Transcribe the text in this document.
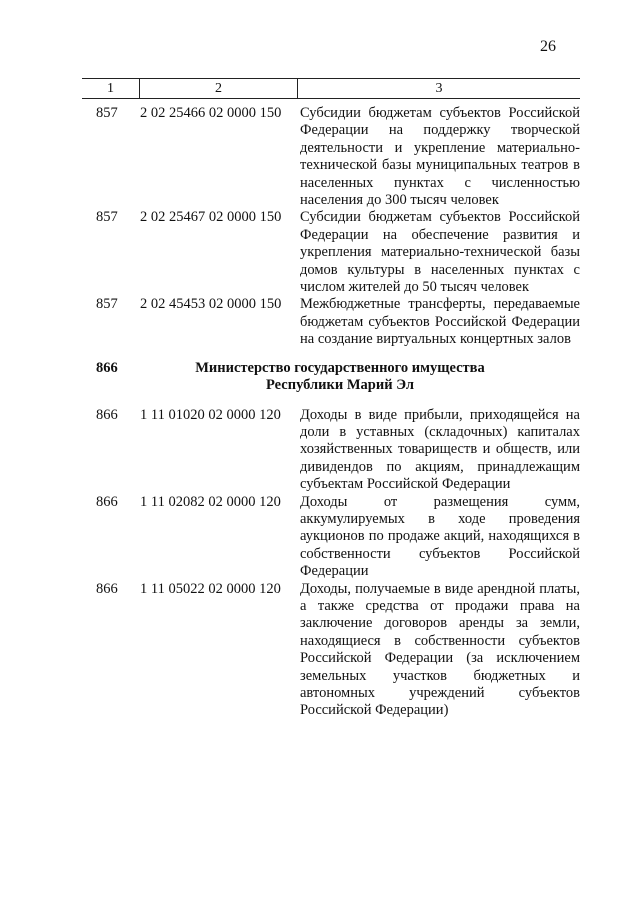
26
1	2	3
857	2 02 25466 02 0000 150	Субсидии бюджетам субъектов Российской Федерации на поддержку творческой деятельности и укрепление материально-технической базы муниципальных театров в населенных пунктах с численностью населения до 300 тысяч человек
857	2 02 25467 02 0000 150	Субсидии бюджетам субъектов Российской Федерации на обеспечение развития и укрепления материально-технической базы домов культуры в населенных пунктах с числом жителей до 50 тысяч человек
857	2 02 45453 02 0000 150	Межбюджетные трансферты, передаваемые бюджетам субъектов Российской Федерации на создание виртуальных концертных залов
866	Министерство государственного имущества
Республики Марий Эл
866	1 11 01020 02 0000 120	Доходы в виде прибыли, приходящейся на доли в уставных (складочных) капиталах хозяйственных товариществ и обществ, или дивидендов по акциям, принадлежащим субъектам Российской Федерации
866	1 11 02082 02 0000 120	Доходы от размещения сумм, аккумулируемых в ходе проведения аукционов по продаже акций, находящихся в собственности субъектов Российской Федерации
866	1 11 05022 02 0000 120	Доходы, получаемые в виде арендной платы, а также средства от продажи права на заключение договоров аренды за земли, находящиеся в собственности субъектов Российской Федерации (за исключением земельных участков бюджетных и автономных учреждений субъектов Российской Федерации)
